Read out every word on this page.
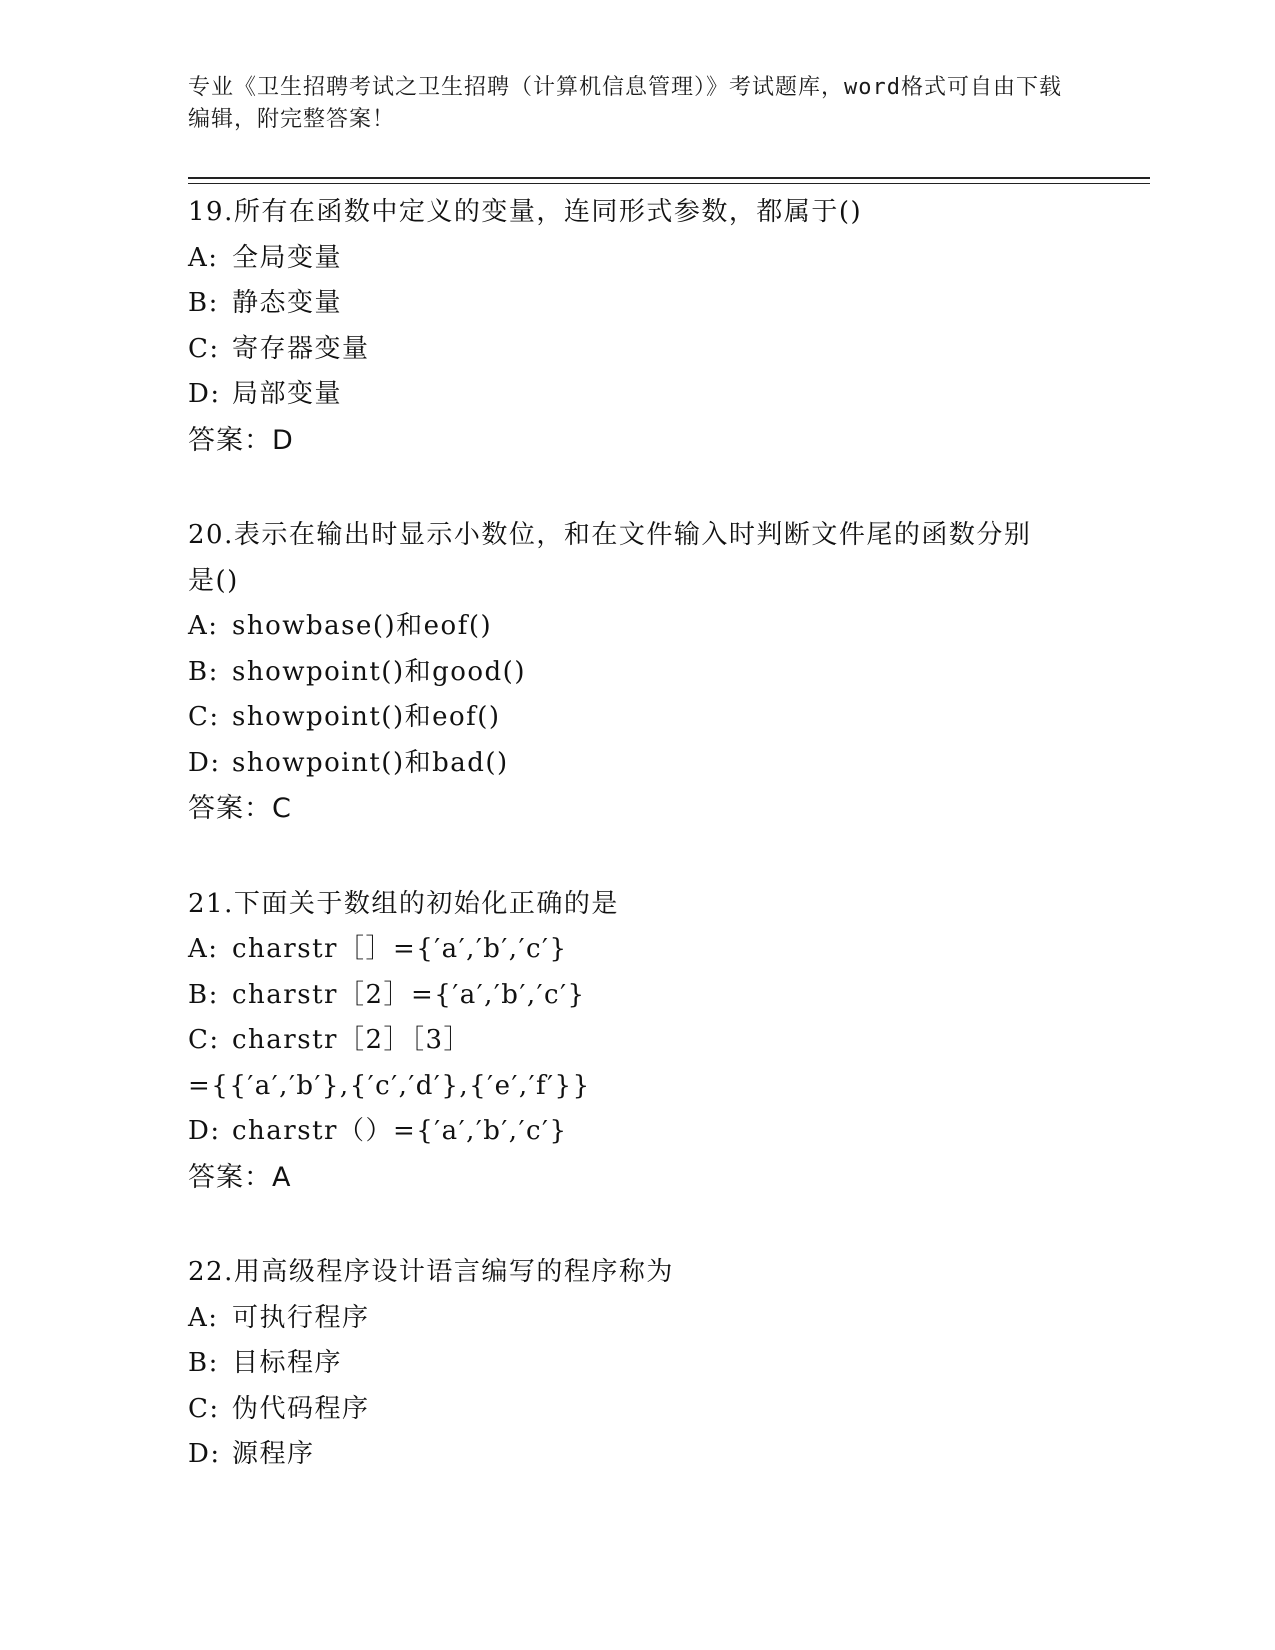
专业《卫生招聘考试之卫生招聘（计算机信息管理）》考试题库，word格式可自由下载编辑，附完整答案！
19.所有在函数中定义的变量，连同形式参数，都属于()
A: 全局变量
B: 静态变量
C: 寄存器变量
D: 局部变量
答案：D
20.表示在输出时显示小数位，和在文件输入时判断文件尾的函数分别是()
A: showbase()和eof()
B: showpoint()和good()
C: showpoint()和eof()
D: showpoint()和bad()
答案：C
21.下面关于数组的初始化正确的是
A: charstr［］={′a′,′b′,′c′}
B: charstr［2］={′a′,′b′,′c′}
C: charstr［2］［3］
={{′a′,′b′},{′c′,′d′},{′e′,′f′}}
D: charstr（）={′a′,′b′,′c′}
答案：A
22.用高级程序设计语言编写的程序称为
A: 可执行程序
B: 目标程序
C: 伪代码程序
D: 源程序
